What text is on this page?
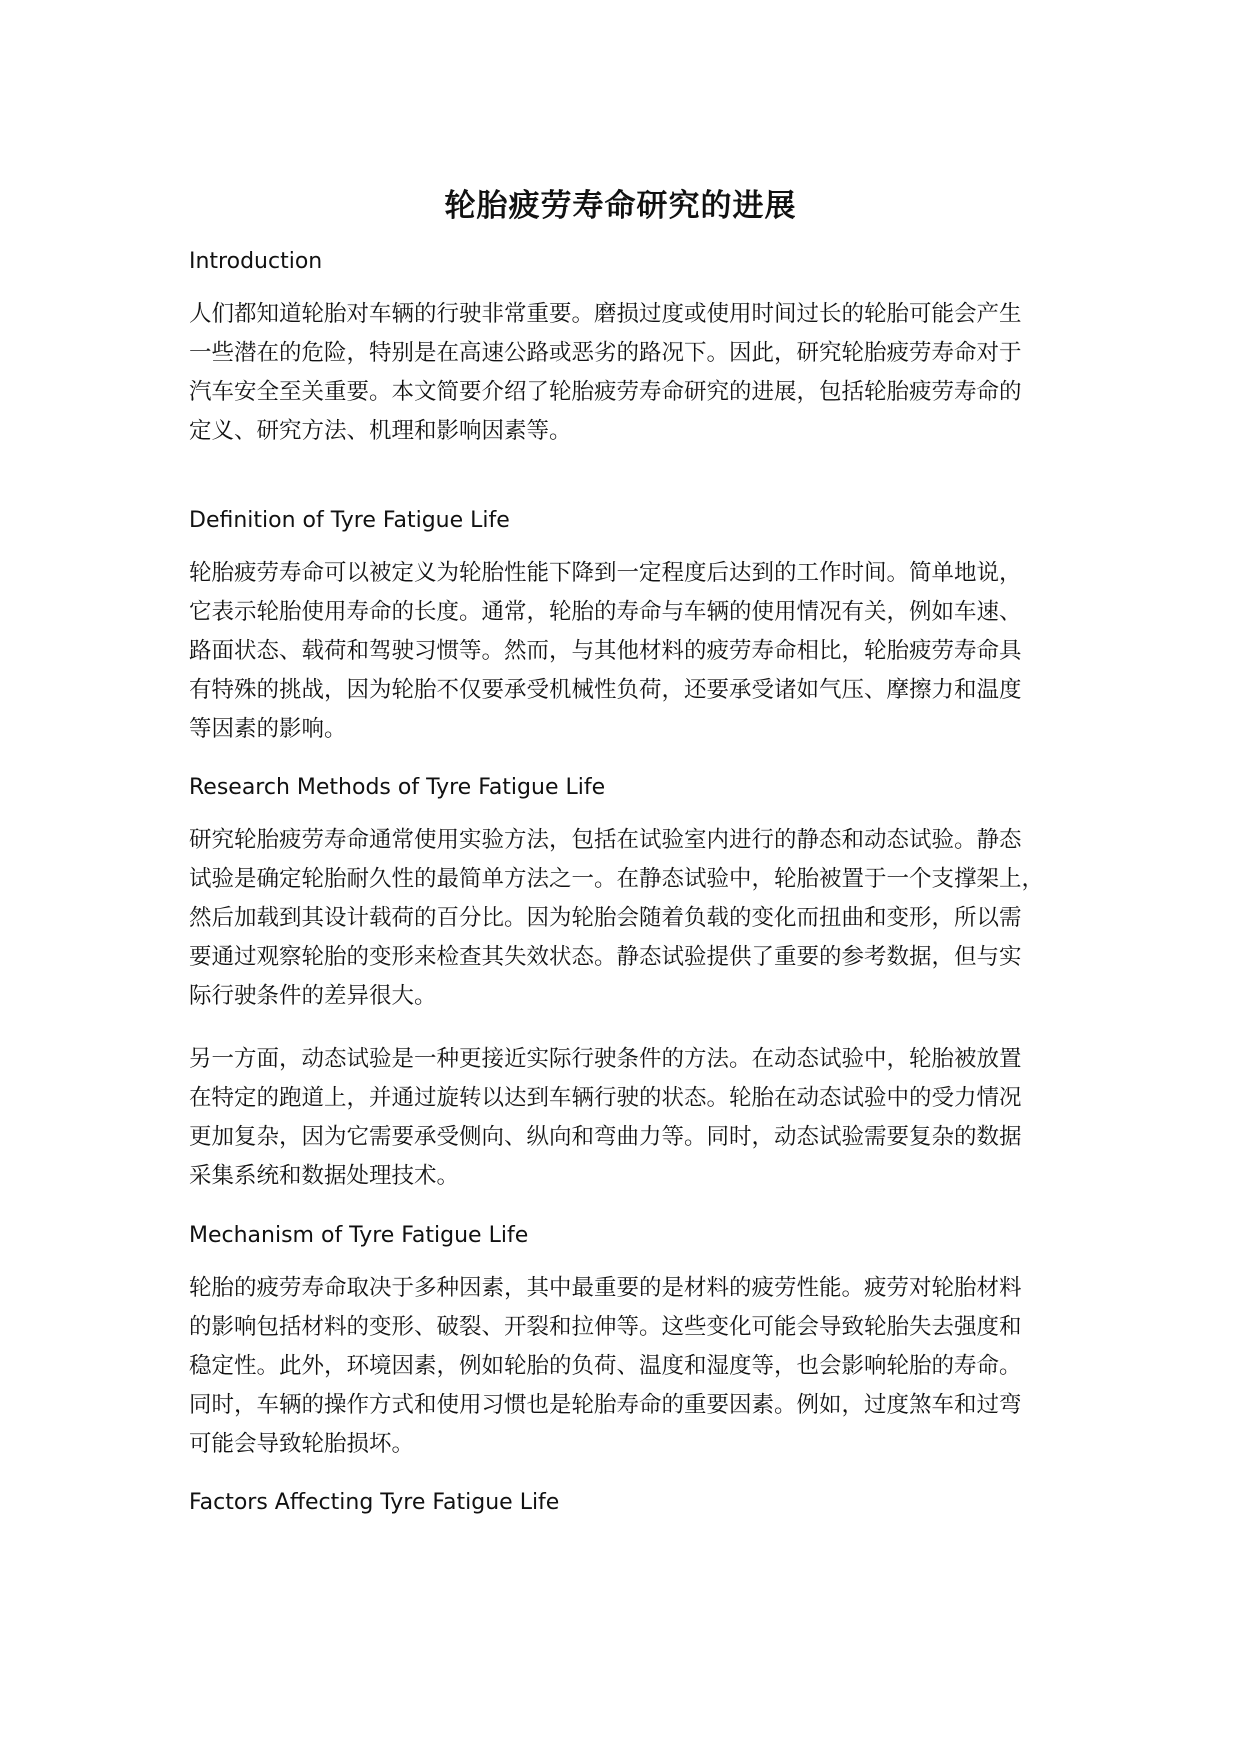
轮胎疲劳寿命研究的进展
Introduction
人们都知道轮胎对车辆的行驶非常重要。磨损过度或使用时间过长的轮胎可能会产生
一些潜在的危险，特别是在高速公路或恶劣的路况下。因此，研究轮胎疲劳寿命对于
汽车安全至关重要。本文简要介绍了轮胎疲劳寿命研究的进展，包括轮胎疲劳寿命的
定义、研究方法、机理和影响因素等。
Definition of Tyre Fatigue Life
轮胎疲劳寿命可以被定义为轮胎性能下降到一定程度后达到的工作时间。简单地说，
它表示轮胎使用寿命的长度。通常，轮胎的寿命与车辆的使用情况有关，例如车速、
路面状态、载荷和驾驶习惯等。然而，与其他材料的疲劳寿命相比，轮胎疲劳寿命具
有特殊的挑战，因为轮胎不仅要承受机械性负荷，还要承受诸如气压、摩擦力和温度
等因素的影响。
Research Methods of Tyre Fatigue Life
研究轮胎疲劳寿命通常使用实验方法，包括在试验室内进行的静态和动态试验。静态
试验是确定轮胎耐久性的最简单方法之一。在静态试验中，轮胎被置于一个支撑架上，
然后加载到其设计载荷的百分比。因为轮胎会随着负载的变化而扭曲和变形，所以需
要通过观察轮胎的变形来检查其失效状态。静态试验提供了重要的参考数据，但与实
际行驶条件的差异很大。
另一方面，动态试验是一种更接近实际行驶条件的方法。在动态试验中，轮胎被放置
在特定的跑道上，并通过旋转以达到车辆行驶的状态。轮胎在动态试验中的受力情况
更加复杂，因为它需要承受侧向、纵向和弯曲力等。同时，动态试验需要复杂的数据
采集系统和数据处理技术。
Mechanism of Tyre Fatigue Life
轮胎的疲劳寿命取决于多种因素，其中最重要的是材料的疲劳性能。疲劳对轮胎材料
的影响包括材料的变形、破裂、开裂和拉伸等。这些变化可能会导致轮胎失去强度和
稳定性。此外，环境因素，例如轮胎的负荷、温度和湿度等，也会影响轮胎的寿命。
同时，车辆的操作方式和使用习惯也是轮胎寿命的重要因素。例如，过度煞车和过弯
可能会导致轮胎损坏。
Factors Affecting Tyre Fatigue Life
